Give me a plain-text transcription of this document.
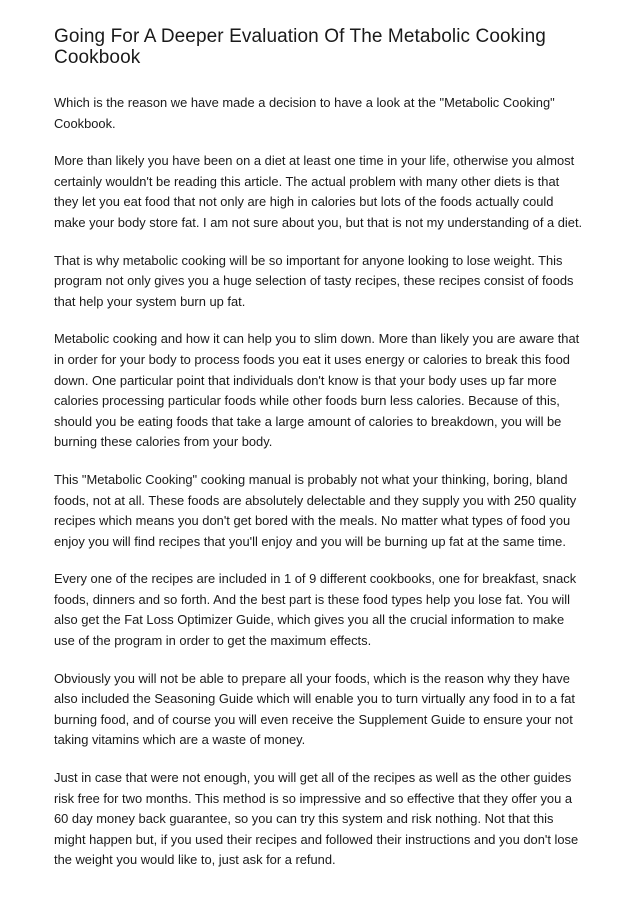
Going For A Deeper Evaluation Of The Metabolic Cooking Cookbook

Which is the reason we have made a decision to have a look at the "Metabolic Cooking" Cookbook.

More than likely you have been on a diet at least one time in your life, otherwise you almost certainly wouldn't be reading this article. The actual problem with many other diets is that they let you eat food that not only are high in calories but lots of the foods actually could make your body store fat. I am not sure about you, but that is not my understanding of a diet.

That is why metabolic cooking will be so important for anyone looking to lose weight. This program not only gives you a huge selection of tasty recipes, these recipes consist of foods that help your system burn up fat.

Metabolic cooking and how it can help you to slim down. More than likely you are aware that in order for your body to process foods you eat it uses energy or calories to break this food down. One particular point that individuals don't know is that your body uses up far more calories processing particular foods while other foods burn less calories. Because of this, should you be eating foods that take a large amount of calories to breakdown, you will be burning these calories from your body.

This "Metabolic Cooking" cooking manual is probably not what your thinking, boring, bland foods, not at all. These foods are absolutely delectable and they supply you with 250 quality recipes which means you don't get bored with the meals. No matter what types of food you enjoy you will find recipes that you'll enjoy and you will be burning up fat at the same time.

Every one of the recipes are included in 1 of 9 different cookbooks, one for breakfast, snack foods, dinners and so forth. And the best part is these food types help you lose fat. You will also get the Fat Loss Optimizer Guide, which gives you all the crucial information to make use of the program in order to get the maximum effects.

Obviously you will not be able to prepare all your foods, which is the reason why they have also included the Seasoning Guide which will enable you to turn virtually any food in to a fat burning food, and of course you will even receive the Supplement Guide to ensure your not taking vitamins which are a waste of money.

Just in case that were not enough, you will get all of the recipes as well as the other guides risk free for two months. This method is so impressive and so effective that they offer you a 60 day money back guarantee, so you can try this system and risk nothing. Not that this might happen but, if you used their recipes and followed their instructions and you don't lose the weight you would like to, just ask for a refund.
